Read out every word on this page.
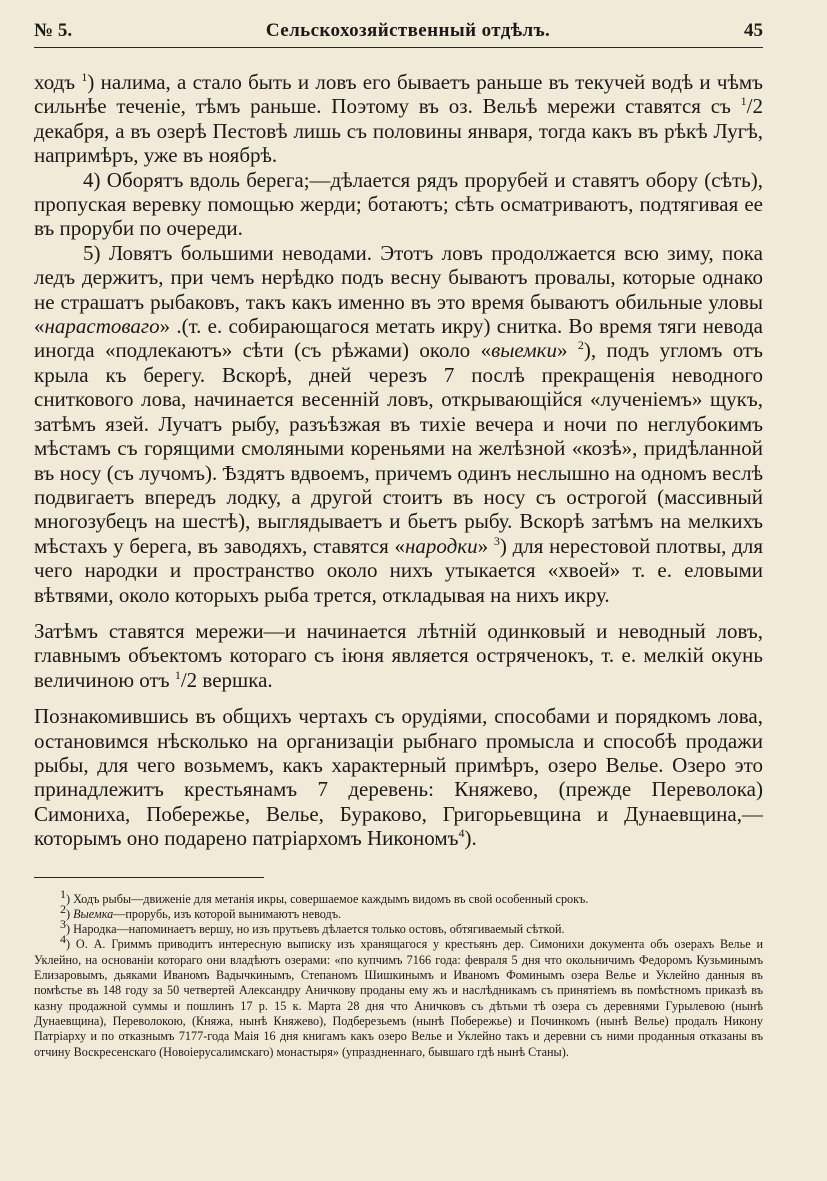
№ 5.	Сельскохозяйственный отдѣлъ.	45

ходъ $^1$) налима, а стало быть и ловъ его бываетъ раньше въ текучей водѣ и чѣмъ сильнѣе теченіе, тѣмъ раньше. Поэтому въ оз. Вельѣ мережи ставятся съ $^1$/2 декабря, а въ озерѣ Пестовѣ лишь съ половины января, тогда какъ въ рѣкѣ Лугѣ, напримѣръ, уже въ ноябрѣ.

4) Оборятъ вдоль берега;—дѣлается рядъ прорубей и ставятъ обору (сѣть), пропуская веревку помощью жерди; ботаютъ; сѣть осматриваютъ, подтягивая ее въ проруби по очереди.

5) Ловятъ большими неводами. Этотъ ловъ продолжается всю зиму, пока ледъ держитъ, при чемъ нерѣдко подъ весну бываютъ провалы, которые однако не страшатъ рыбаковъ, такъ какъ именно въ это время бываютъ обильные уловы «нарастоваго» .(т. е. собирающагося метать икру) снитка. Во время тяги невода иногда «подлекаютъ» сѣти (съ рѣжами) около «выемки» $^2$), подъ угломъ отъ крыла къ берегу. Вскорѣ, дней черезъ 7 послѣ прекращенія неводного сниткового лова, начинается весенній ловъ, открывающійся «лученіемъ» щукъ, затѣмъ язей. Лучатъ рыбу, разъѣзжая въ тихіе вечера и ночи по неглубокимъ мѣстамъ съ горящими смоляными кореньями на желѣзной «козѣ», придѣланной въ носу (съ лучомъ). Ѣздятъ вдвоемъ, причемъ одинъ неслышно на одномъ веслѣ подвигаетъ впередъ лодку, а другой стоитъ въ носу съ острогой (массивный многозубецъ на шестѣ), выглядываетъ и бьетъ рыбу. Вскорѣ затѣмъ на мелкихъ мѣстахъ у берега, въ заводяхъ, ставятся «народки» $^3$) для нерестовой плотвы, для чего народки и пространство около нихъ утыкается «хвоей» т. е. еловыми вѣтвями, около которыхъ рыба трется, откладывая на нихъ икру.

Затѣмъ ставятся мережи—и начинается лѣтній одинковый и неводный ловъ, главнымъ объектомъ котораго съ іюня является остряченокъ, т. е. мелкій окунь величиною отъ $^1$/2 вершка.

Познакомившись въ общихъ чертахъ съ орудіями, способами и порядкомъ лова, остановимся нѣсколько на организаціи рыбнаго промысла и способѣ продажи рыбы, для чего возьмемъ, какъ характерный примѣръ, озеро Велье. Озеро это принадлежитъ крестьянамъ 7 деревень: Княжево, (прежде Переволока) Симониха, Побережье, Велье, Бураково, Григорьевщина и Дунаевщина,—которымъ оно подарено патріархомъ Никономъ$^4$).

$^1$) Ходъ рыбы—движеніе для метанія икры, совершаемое каждымъ видомъ въ свой особенный срокъ.

$^2$) Выемка—прорубь, изъ которой вынимаютъ неводъ.

$^3$) Народка—напоминаетъ вершу, но изъ прутьевъ дѣлается только остовъ, обтягиваемый сѣткой.

$^4$) О. А. Гриммъ приводитъ интересную выписку изъ хранящагося у крестьянъ дер. Симонихи документа объ озерахъ Велье и Уклейно, на основаніи котораго они владѣютъ озерами: «по купчимъ 7166 года: февраля 5 дня что окольничимъ Федоромъ Кузьминымъ Елизаровымъ, дьяками Иваномъ Вадычкинымъ, Степаномъ Шишкинымъ и Иваномъ Фоминымъ озера Велье и Уклейно данныя въ помѣстье въ 148 году за 50 четвертей Александру Аничкову проданы ему жъ и наслѣдникамъ съ принятіемъ въ помѣстномъ приказѣ въ казну продажной суммы и пошлинъ 17 р. 15 к. Марта 28 дня что Аничковъ съ дѣтьми тѣ озера съ деревнями Гурылевою (нынѣ Дунаевщина), Переволокою, (Княжа, нынѣ Княжево), Подберезьемъ (нынѣ Побережье) и Починкомъ (нынѣ Велье) продалъ Никону Патріарху и по отказнымъ 7177-года Маія 16 дня книгамъ какъ озеро Велье и Уклейно такъ и деревни съ ними проданныя отказаны въ отчину Воскресенскаго (Новоіерусалимскаго) монастыря» (упраздненнаго, бывшаго гдѣ нынѣ Станы).
